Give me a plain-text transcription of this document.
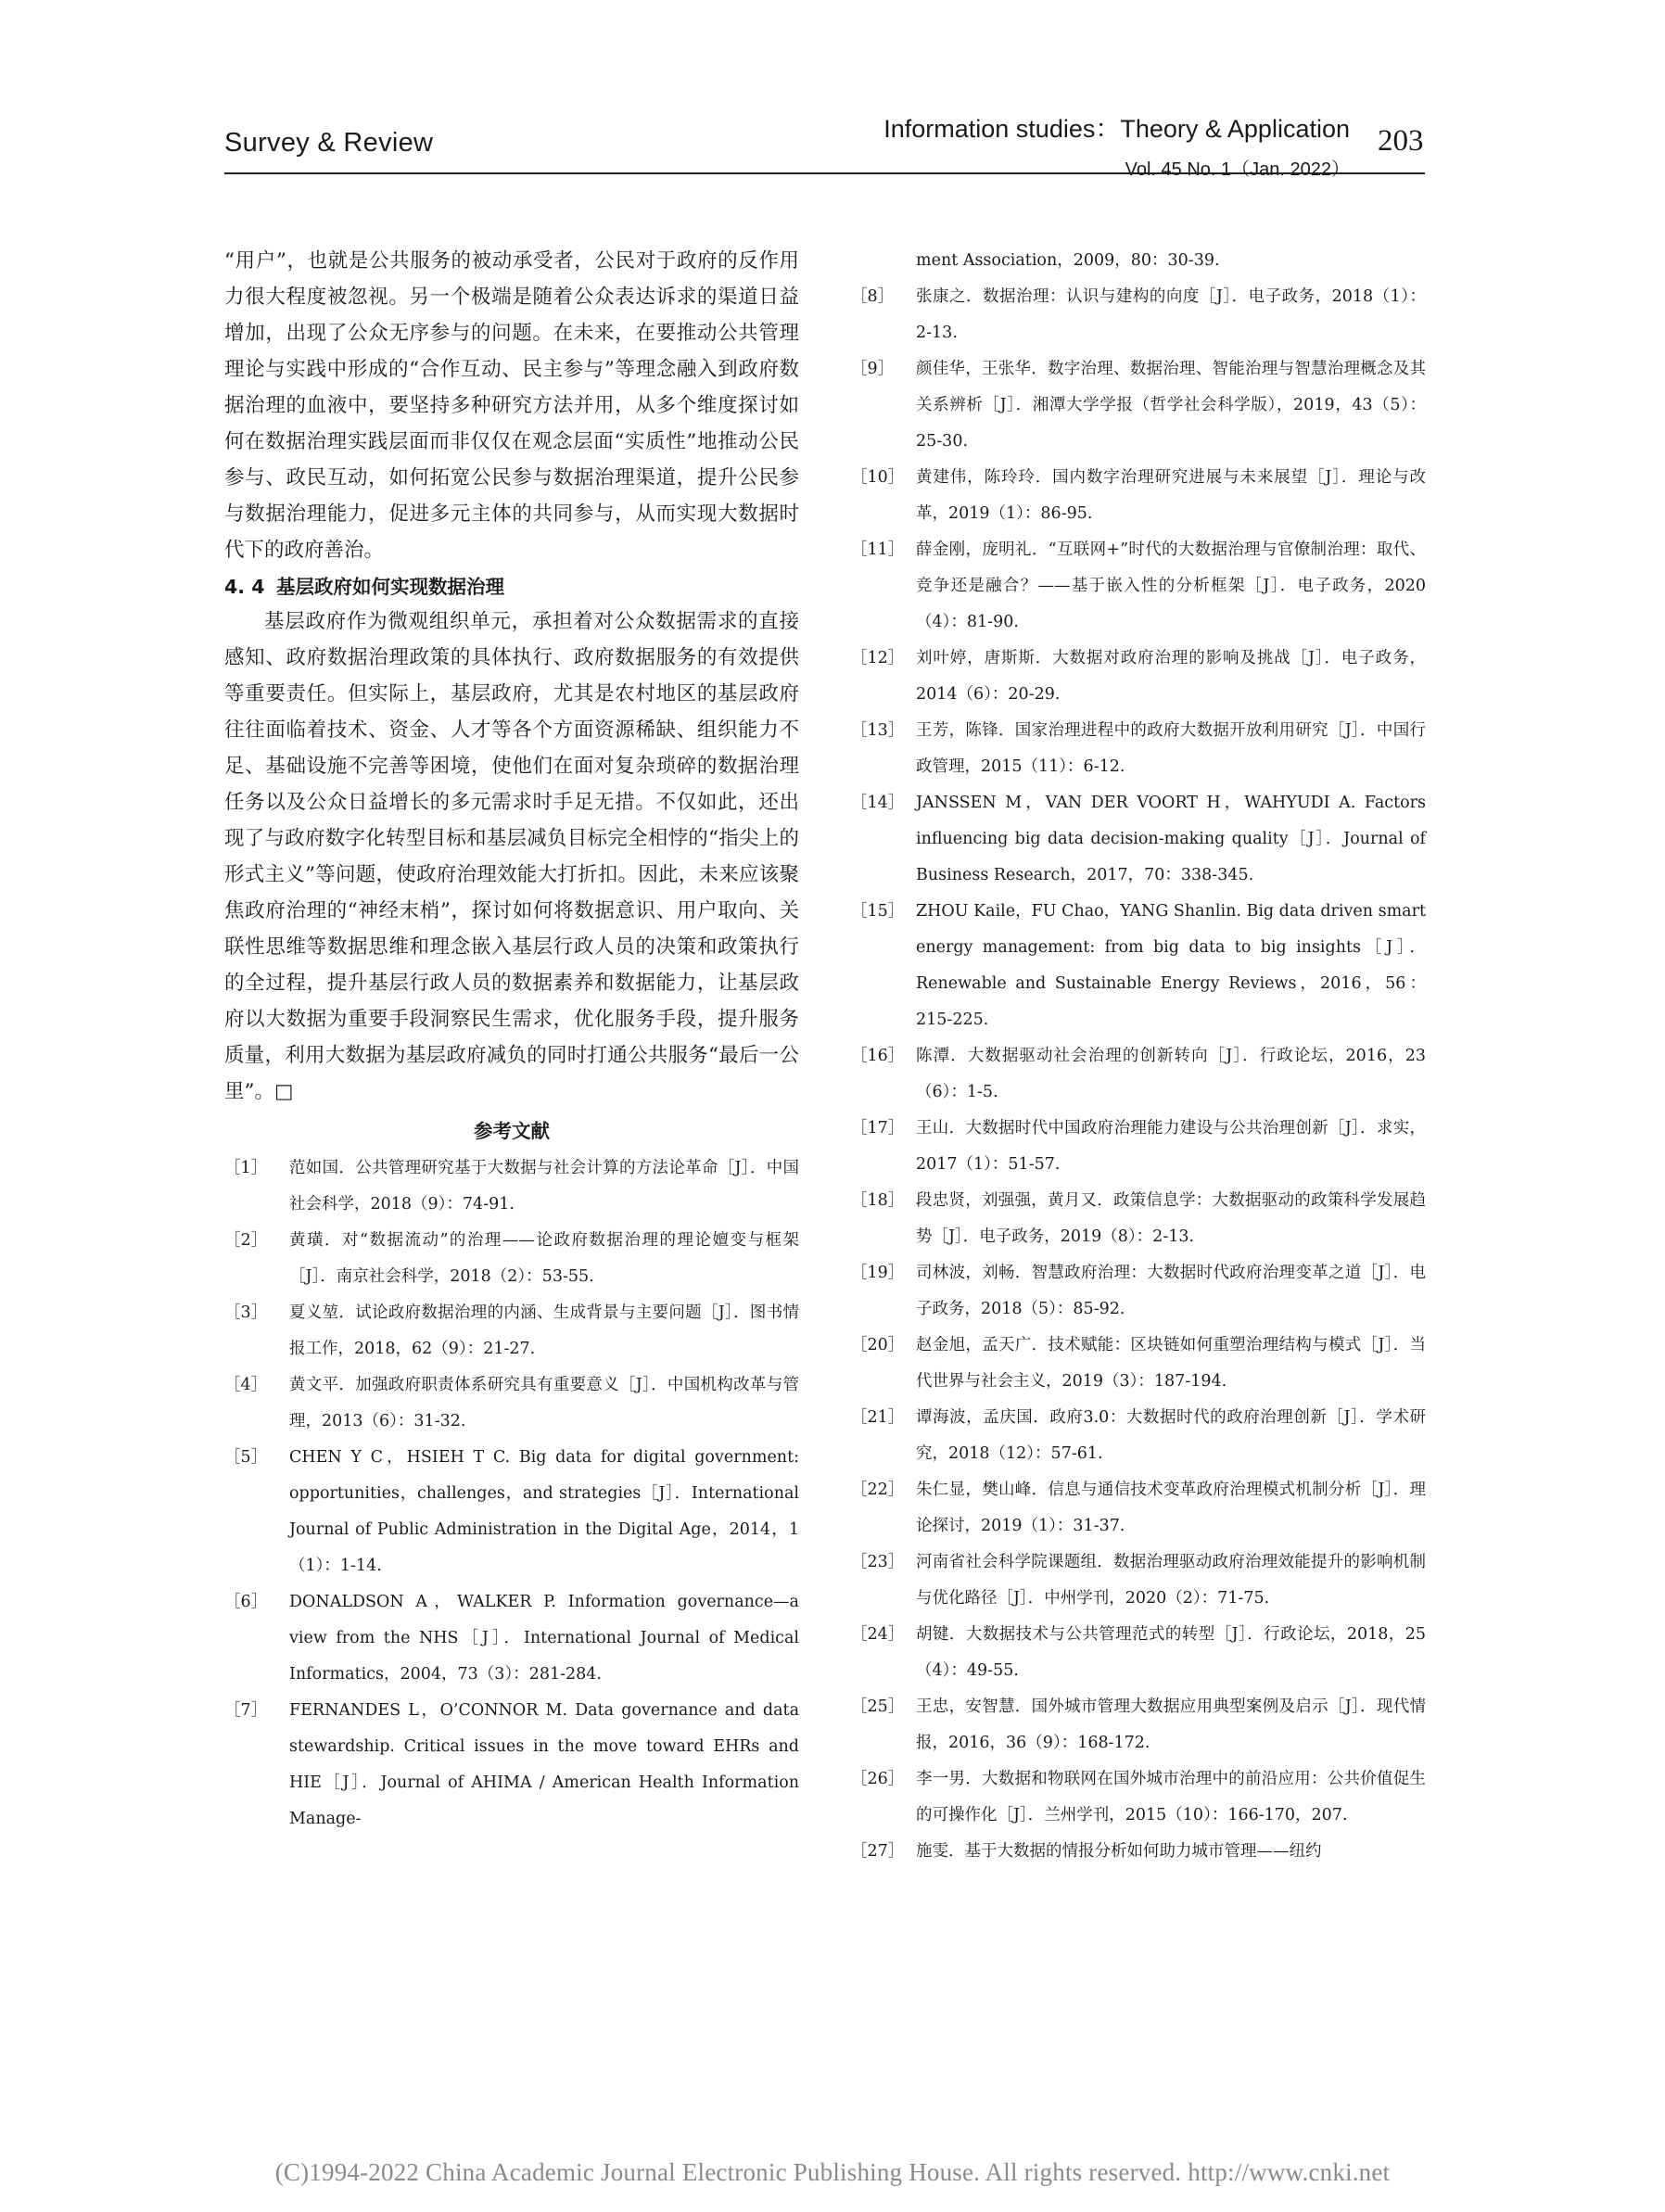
Survey & Review	Information studies：Theory & Application
Vol. 45 No. 1（Jan. 2022）
203

“用户”，也就是公共服务的被动承受者，公民对于政府的反作用力很大程度被忽视。另一个极端是随着公众表达诉求的渠道日益增加，出现了公众无序参与的问题。在未来，在要推动公共管理理论与实践中形成的“合作互动、民主参与”等理念融入到政府数据治理的血液中，要坚持多种研究方法并用，从多个维度探讨如何在数据治理实践层面而非仅仅在观念层面“实质性”地推动公民参与、政民互动，如何拓宽公民参与数据治理渠道，提升公民参与数据治理能力，促进多元主体的共同参与，从而实现大数据时代下的政府善治。

4. 4 基层政府如何实现数据治理

基层政府作为微观组织单元，承担着对公众数据需求的直接感知、政府数据治理政策的具体执行、政府数据服务的有效提供等重要责任。但实际上，基层政府，尤其是农村地区的基层政府往往面临着技术、资金、人才等各个方面资源稀缺、组织能力不足、基础设施不完善等困境，使他们在面对复杂琐碎的数据治理任务以及公众日益增长的多元需求时手足无措。不仅如此，还出现了与政府数字化转型目标和基层减负目标完全相悖的“指尖上的形式主义”等问题，使政府治理效能大打折扣。因此，未来应该聚焦政府治理的“神经末梢”，探讨如何将数据意识、用户取向、关联性思维等数据思维和理念嵌入基层行政人员的决策和政策执行的全过程，提升基层行政人员的数据素养和数据能力，让基层政府以大数据为重要手段洞察民生需求，优化服务手段，提升服务质量，利用大数据为基层政府减负的同时打通公共服务“最后一公里”。□

参考文献
［1］	范如国．公共管理研究基于大数据与社会计算的方法论革命［J］．中国社会科学，2018（9）：74-91.
［2］	黄璜．对“数据流动”的治理——论政府数据治理的理论嬗变与框架［J］．南京社会科学，2018（2）：53-55.
［3］	夏义堃．试论政府数据治理的内涵、生成背景与主要问题［J］．图书情报工作，2018，62（9）：21-27.
［4］	黄文平．加强政府职责体系研究具有重要意义［J］．中国机构改革与管理，2013（6）：31-32.
［5］	CHEN Y C，HSIEH T C. Big data for digital government: opportunities，challenges，and strategies［J］．International Journal of Public Administration in the Digital Age，2014，1（1）：1-14.
［6］	DONALDSON A，WALKER P. Information governance—a view from the NHS［J］．International Journal of Medical Informatics，2004，73（3）：281-284.
［7］	FERNANDES L，O’CONNOR M. Data governance and data stewardship. Critical issues in the move toward EHRs and HIE［J］．Journal of AHIMA / American Health Information Manage-
ment Association，2009，80：30-39.
［8］	张康之．数据治理：认识与建构的向度［J］．电子政务，2018（1）：2-13.
［9］	颜佳华，王张华．数字治理、数据治理、智能治理与智慧治理概念及其关系辨析［J］．湘潭大学学报（哲学社会科学版），2019，43（5）：25-30.
［10］ 黄建伟，陈玲玲．国内数字治理研究进展与未来展望［J］．理论与改革，2019（1）：86-95.
［11］ 薛金刚，庞明礼．“互联网+”时代的大数据治理与官僚制治理：取代、竞争还是融合？——基于嵌入性的分析框架［J］．电子政务，2020（4）：81-90.
［12］ 刘叶婷，唐斯斯．大数据对政府治理的影响及挑战［J］．电子政务，2014（6）：20-29.
［13］ 王芳，陈锋．国家治理进程中的政府大数据开放利用研究［J］．中国行政管理，2015（11）：6-12.
［14］ JANSSEN M，VAN DER VOORT H，WAHYUDI A. Factors influencing big data decision-making quality［J］．Journal of Business Research，2017，70：338-345.
［15］ ZHOU Kaile，FU Chao，YANG Shanlin. Big data driven smart energy management: from big data to big insights［J］．Renewable and Sustainable Energy Reviews，2016，56：215-225.
［16］ 陈潭．大数据驱动社会治理的创新转向［J］．行政论坛，2016，23（6）：1-5.
［17］ 王山．大数据时代中国政府治理能力建设与公共治理创新［J］．求实，2017（1）：51-57.
［18］ 段忠贤，刘强强，黄月又．政策信息学：大数据驱动的政策科学发展趋势［J］．电子政务，2019（8）：2-13.
［19］ 司林波，刘畅．智慧政府治理：大数据时代政府治理变革之道［J］．电子政务，2018（5）：85-92.
［20］ 赵金旭，孟天广．技术赋能：区块链如何重塑治理结构与模式［J］．当代世界与社会主义，2019（3）：187-194.
［21］ 谭海波，孟庆国．政府3.0：大数据时代的政府治理创新［J］．学术研究，2018（12）：57-61.
［22］ 朱仁显，樊山峰．信息与通信技术变革政府治理模式机制分析［J］．理论探讨，2019（1）：31-37.
［23］ 河南省社会科学院课题组．数据治理驱动政府治理效能提升的影响机制与优化路径［J］．中州学刊，2020（2）：71-75.
［24］ 胡键．大数据技术与公共管理范式的转型［J］．行政论坛，2018，25（4）：49-55.
［25］ 王忠，安智慧．国外城市管理大数据应用典型案例及启示［J］．现代情报，2016，36（9）：168-172.
［26］ 李一男．大数据和物联网在国外城市治理中的前沿应用：公共价值促生的可操作化［J］．兰州学刊，2015（10）：166-170，207.
［27］ 施雯．基于大数据的情报分析如何助力城市管理——纽约
(C)1994-2022 China Academic Journal Electronic Publishing House. All rights reserved. http://www.cnki.net
